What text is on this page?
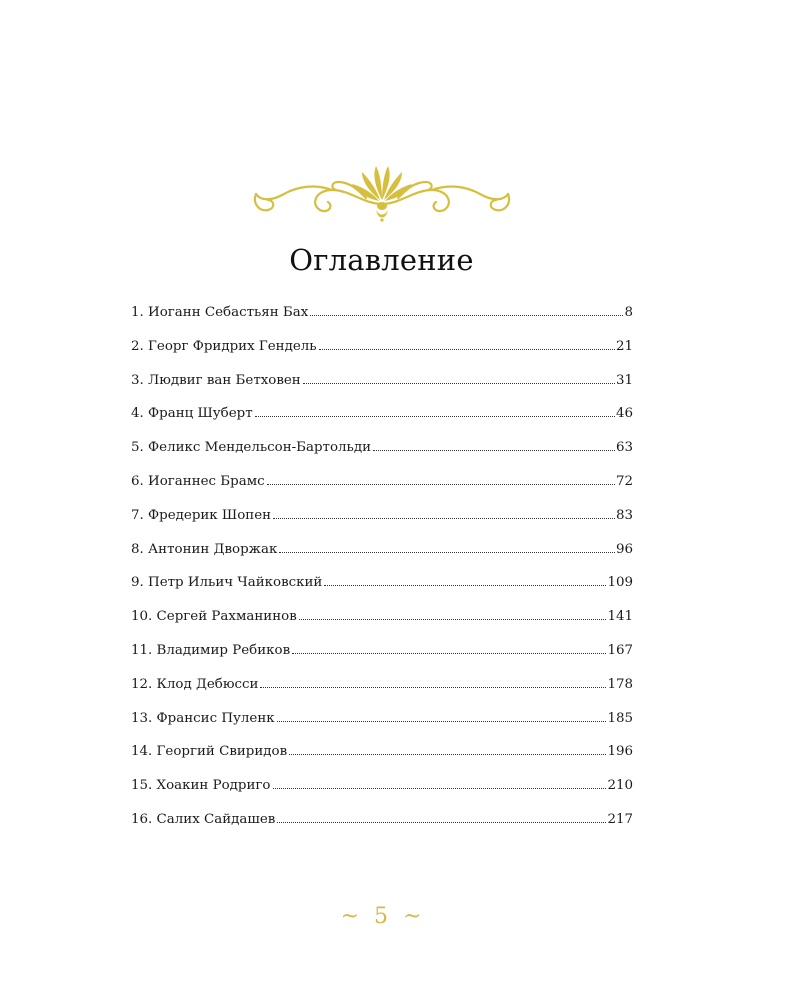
Оглавление
1. Иоганн Себастьян Бах	8
2. Георг Фридрих Гендель	21
3. Людвиг ван Бетховен	31
4. Франц Шуберт	46
5. Феликс Мендельсон-Бартольди	63
6. Иоганнес Брамс	72
7. Фредерик Шопен	83
8. Антонин Дворжак	96
9. Петр Ильич Чайковский	109
10. Сергей Рахманинов	141
11. Владимир Ребиков	167
12. Клод Дебюсси	178
13. Франсис Пуленк	185
14. Георгий Свиридов	196
15. Хоакин Родриго	210
16. Салих Сайдашев	217
~ 5 ~
